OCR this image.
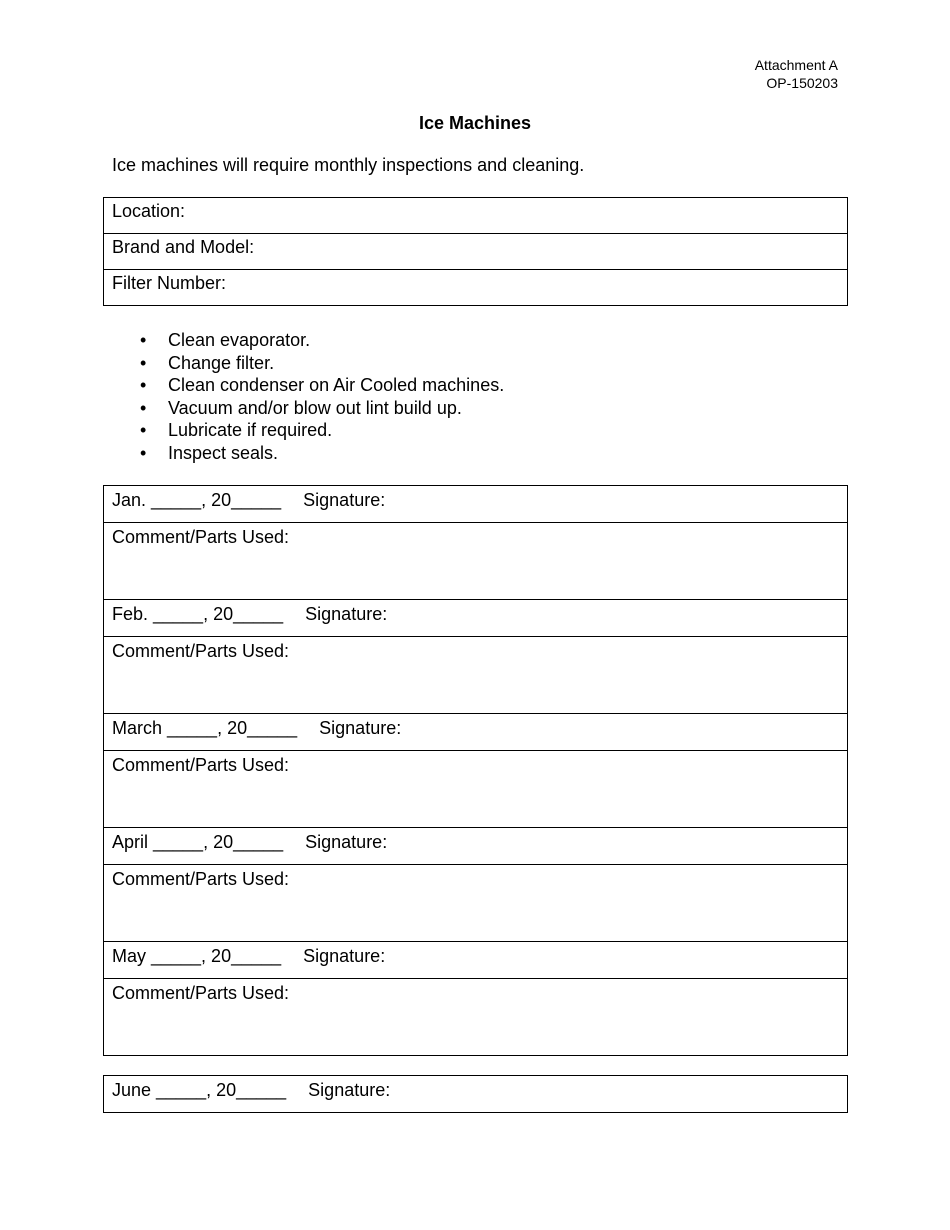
Attachment A
OP-150203
Ice Machines
Ice machines will require monthly inspections and cleaning.
Location:
Brand and Model:
Filter Number:
• Clean evaporator.
• Change filter.
• Clean condenser on Air Cooled machines.
• Vacuum and/or blow out lint build up.
• Lubricate if required.
• Inspect seals.
Jan. _____, 20_____ Signature:
Comment/Parts Used:
Feb. _____, 20_____ Signature:
Comment/Parts Used:
March _____, 20_____ Signature:
Comment/Parts Used:
April _____, 20_____ Signature:
Comment/Parts Used:
May _____, 20_____ Signature:
Comment/Parts Used:
June _____, 20_____ Signature:
